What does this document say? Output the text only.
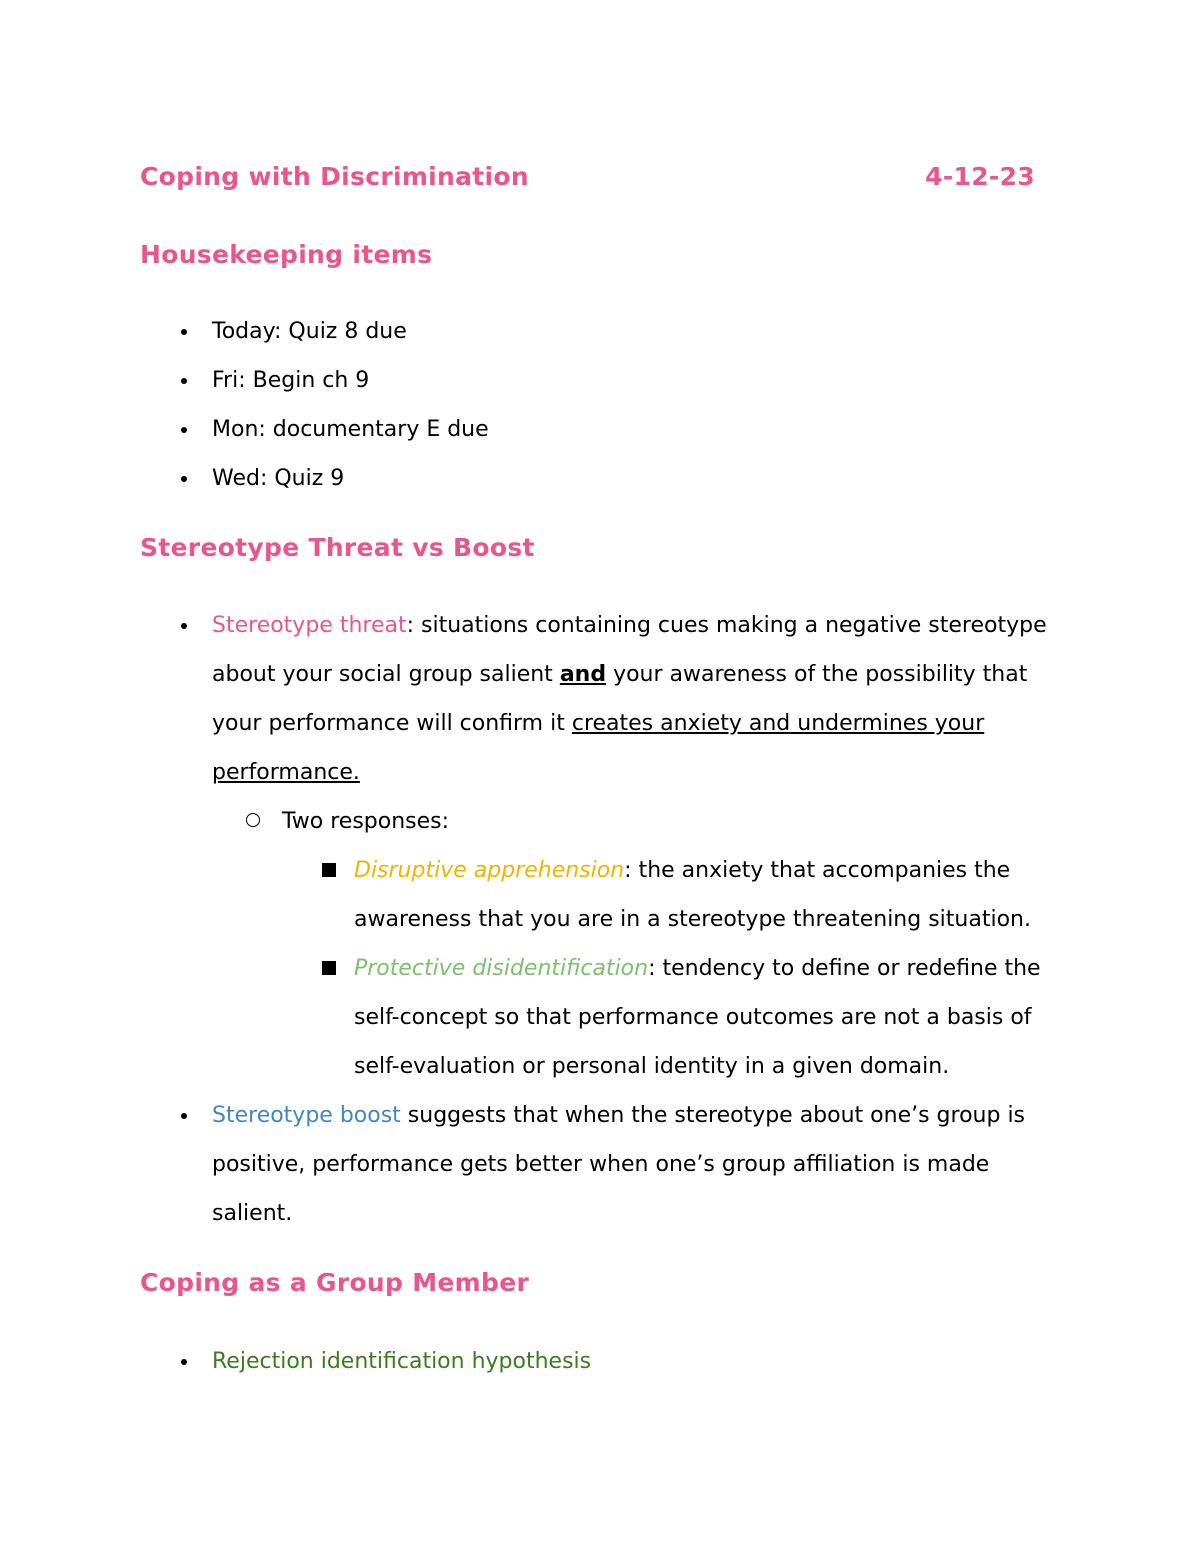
Coping with Discrimination	4-12-23
Housekeeping items
Today: Quiz 8 due
Fri: Begin ch 9
Mon: documentary E due
Wed: Quiz 9
Stereotype Threat vs Boost
Stereotype threat: situations containing cues making a negative stereotype about your social group salient and your awareness of the possibility that your performance will confirm it creates anxiety and undermines your performance.
Two responses:
Disruptive apprehension: the anxiety that accompanies the awareness that you are in a stereotype threatening situation.
Protective disidentification: tendency to define or redefine the self-concept so that performance outcomes are not a basis of self-evaluation or personal identity in a given domain.
Stereotype boost suggests that when the stereotype about one’s group is positive, performance gets better when one’s group affiliation is made salient.
Coping as a Group Member
Rejection identification hypothesis
